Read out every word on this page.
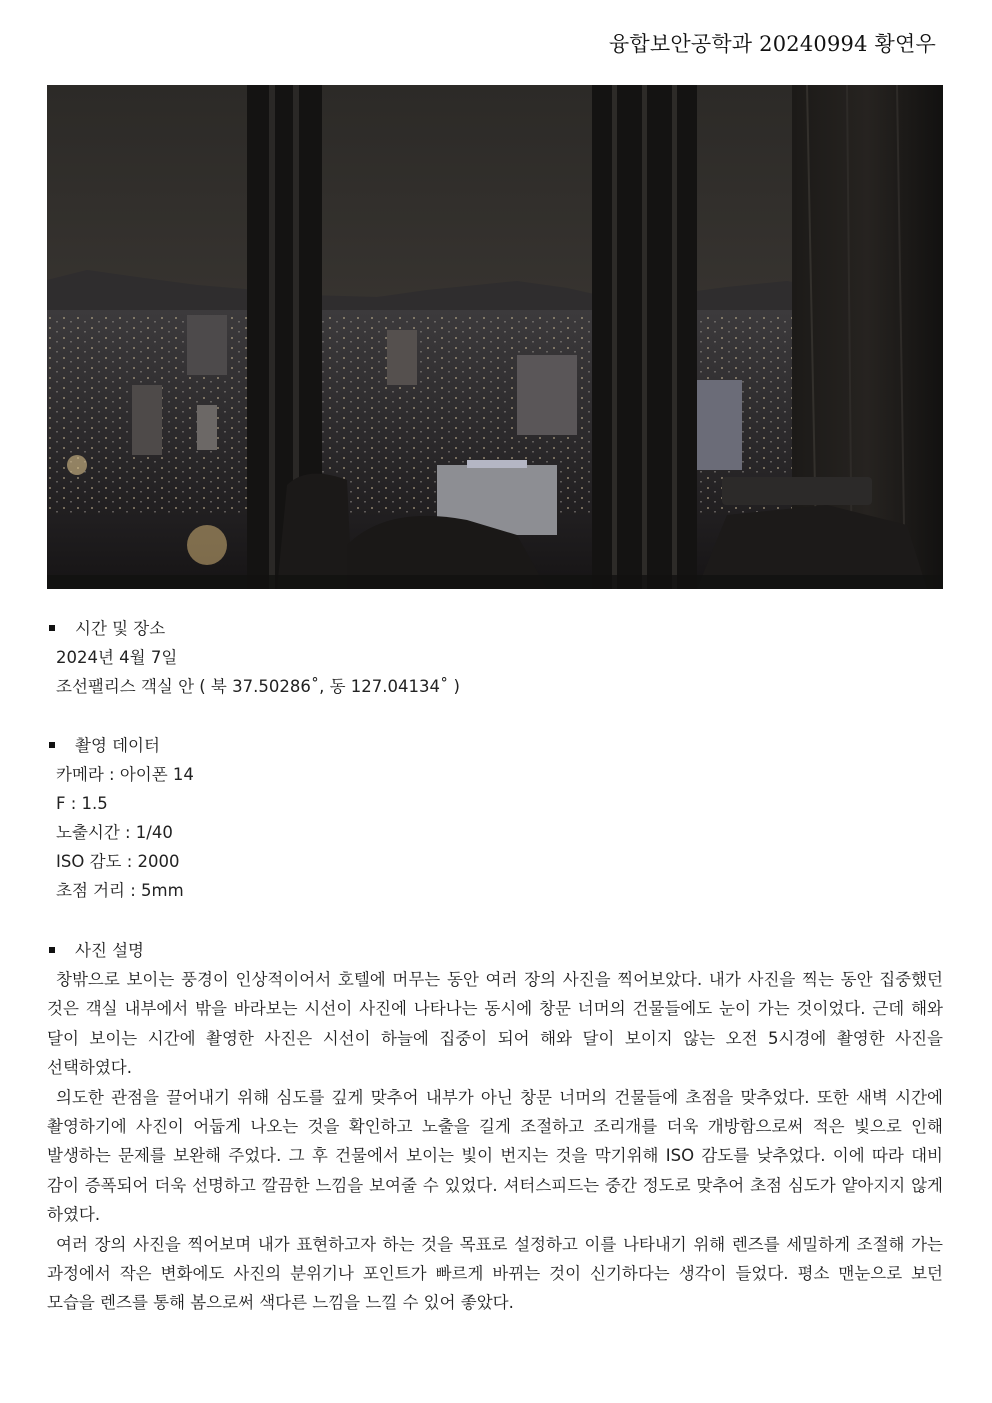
융합보안공학과 20240994 황연우
시간 및 장소
2024년 4월 7일
조선팰리스 객실 안 ( 북 37.50286˚, 동 127.04134˚ )
촬영 데이터
카메라 : 아이폰 14
F : 1.5
노출시간 : 1/40
ISO 감도 : 2000
초점 거리 : 5mm
사진 설명

창밖으로 보이는 풍경이 인상적이어서 호텔에 머무는 동안 여러 장의 사진을 찍어보았다. 내가 사진을 찍는 동안 집중했던 것은 객실 내부에서 밖을 바라보는 시선이 사진에 나타나는 동시에 창문 너머의 건물들에도 눈이 가는 것이었다. 근데 해와 달이 보이는 시간에 촬영한 사진은 시선이 하늘에 집중이 되어 해와 달이 보이지 않는 오전 5시경에 촬영한 사진을 선택하였다.

의도한 관점을 끌어내기 위해 심도를 깊게 맞추어 내부가 아닌 창문 너머의 건물들에 초점을 맞추었다. 또한 새벽 시간에 촬영하기에 사진이 어둡게 나오는 것을 확인하고 노출을 길게 조절하고 조리개를 더욱 개방함으로써 적은 빛으로 인해 발생하는 문제를 보완해 주었다. 그 후 건물에서 보이는 빛이 번지는 것을 막기위해 ISO 감도를 낮추었다. 이에 따라 대비 감이 증폭되어 더욱 선명하고 깔끔한 느낌을 보여줄 수 있었다. 셔터스피드는 중간 정도로 맞추어 초점 심도가 얕아지지 않게 하였다.

여러 장의 사진을 찍어보며 내가 표현하고자 하는 것을 목표로 설정하고 이를 나타내기 위해 렌즈를 세밀하게 조절해 가는 과정에서 작은 변화에도 사진의 분위기나 포인트가 빠르게 바뀌는 것이 신기하다는 생각이 들었다. 평소 맨눈으로 보던 모습을 렌즈를 통해 봄으로써 색다른 느낌을 느낄 수 있어 좋았다.
